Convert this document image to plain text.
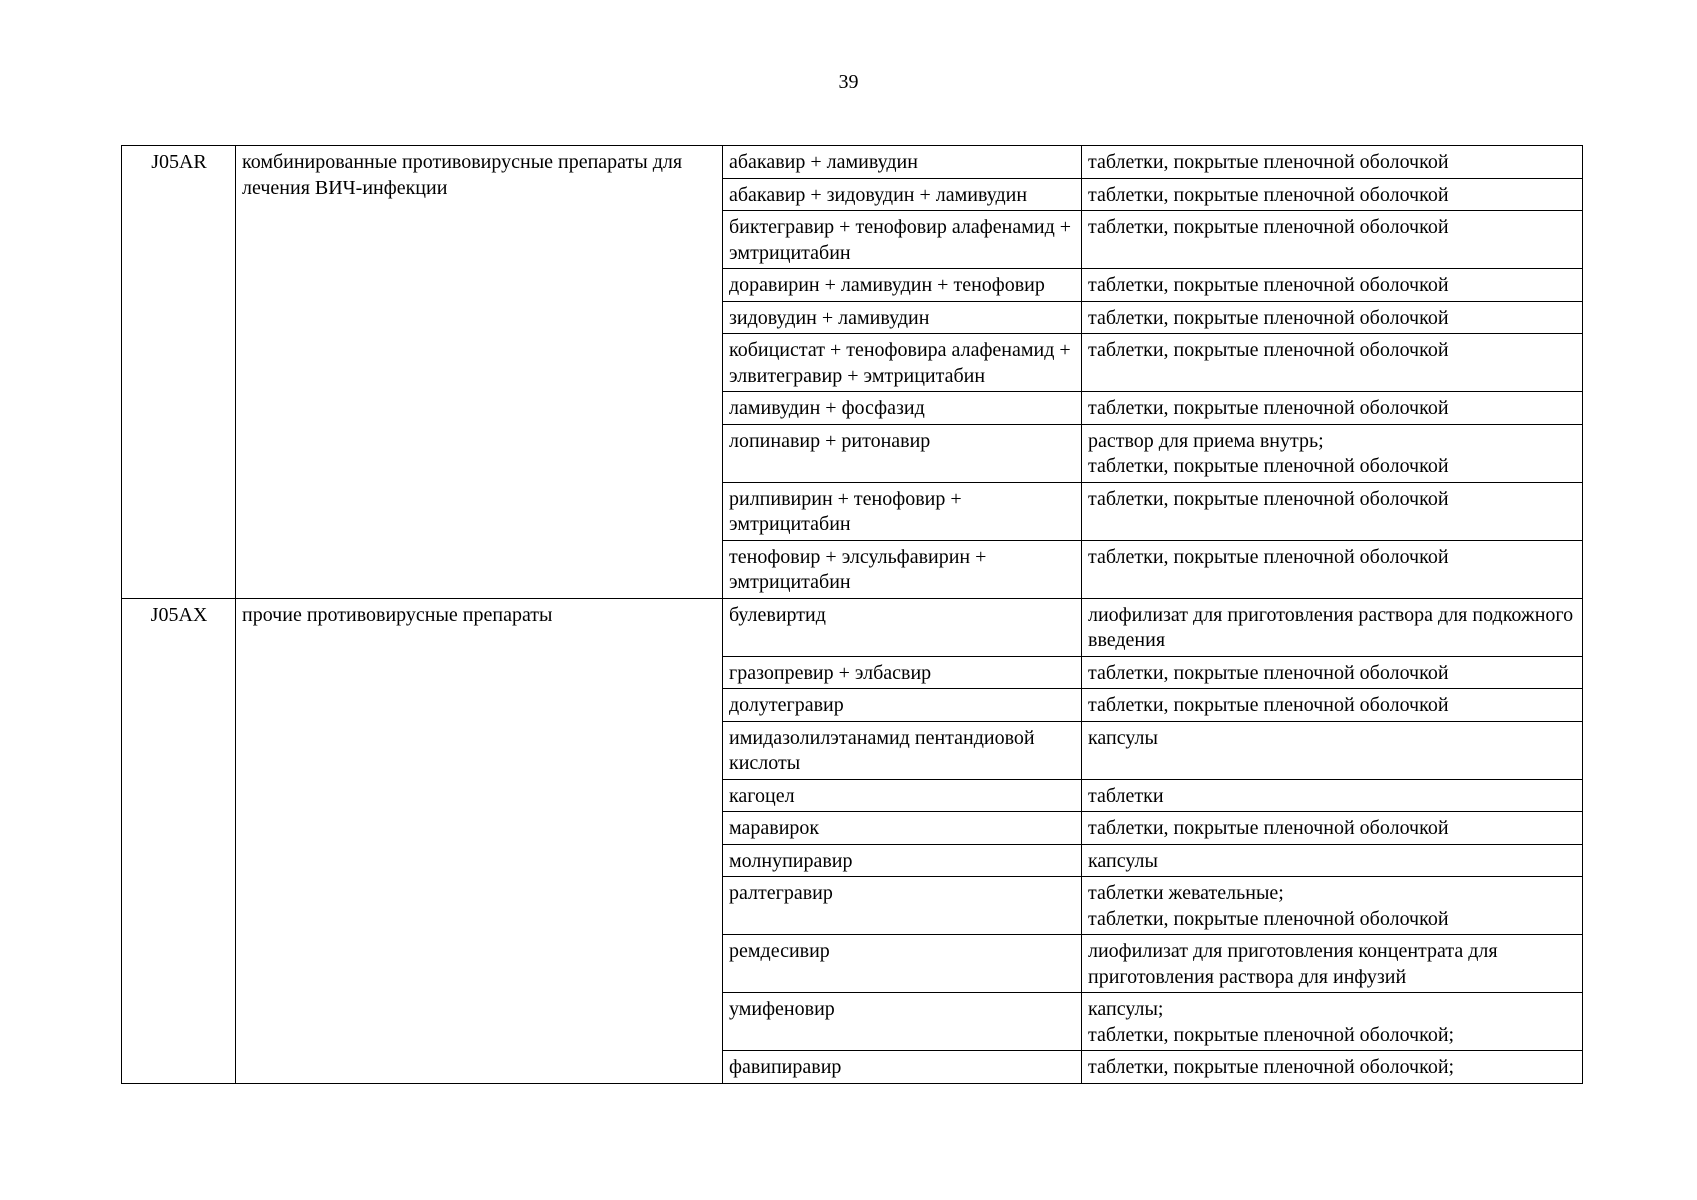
39
J05AR	комбинированные противовирусные препараты для лечения ВИЧ-инфекции	абакавир + ламивудин	таблетки, покрытые пленочной оболочкой

		абакавир + зидовудин + ламивудин	таблетки, покрытые пленочной оболочкой

		биктегравир + тенофовир алафенамид + эмтрицитабин	таблетки, покрытые пленочной оболочкой

		доравирин + ламивудин + тенофовир	таблетки, покрытые пленочной оболочкой

		зидовудин + ламивудин	таблетки, покрытые пленочной оболочкой

		кобицистат + тенофовира алафенамид + элвитегравир + эмтрицитабин	таблетки, покрытые пленочной оболочкой

		ламивудин + фосфазид	таблетки, покрытые пленочной оболочкой

		лопинавир + ритонавир	раствор для приема внутрь;
таблетки, покрытые пленочной оболочкой

		рилпивирин + тенофовир + эмтрицитабин	таблетки, покрытые пленочной оболочкой

		тенофовир + элсульфавирин + эмтрицитабин	таблетки, покрытые пленочной оболочкой

J05AX	прочие противовирусные препараты	булевиртид	лиофилизат для приготовления раствора для подкожного введения

		гразопревир + элбасвир	таблетки, покрытые пленочной оболочкой

		долутегравир	таблетки, покрытые пленочной оболочкой

		имидазолилэтанамид пентандиовой кислоты	капсулы

		кагоцел	таблетки

		маравирок	таблетки, покрытые пленочной оболочкой

		молнупиравир	капсулы

		ралтегравир	таблетки жевательные;
таблетки, покрытые пленочной оболочкой

		ремдесивир	лиофилизат для приготовления концентрата для приготовления раствора для инфузий

		умифеновир	капсулы;
таблетки, покрытые пленочной оболочкой;

		фавипиравир	таблетки, покрытые пленочной оболочкой;
